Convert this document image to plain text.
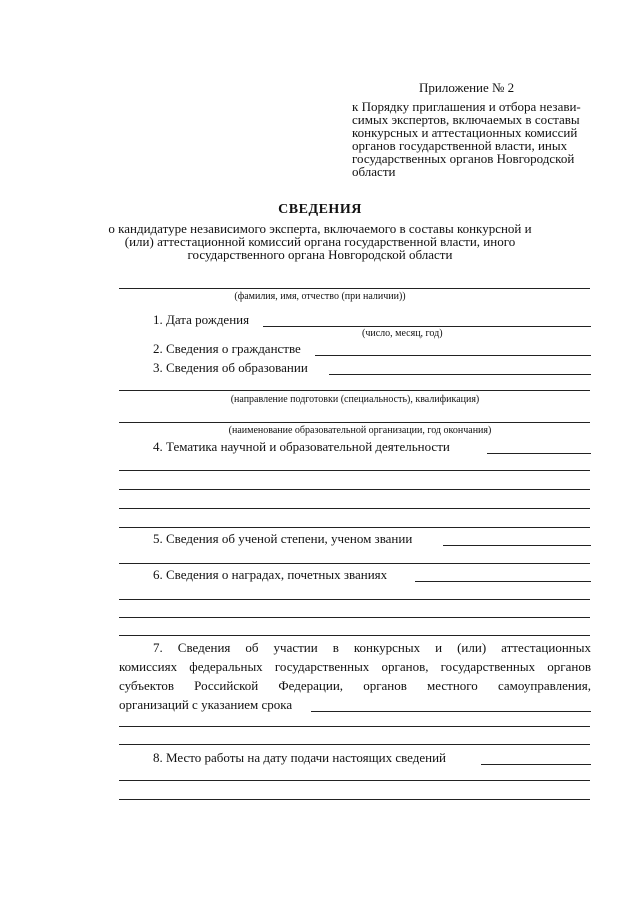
Приложение № 2
к Порядку приглашения и отбора незави-
симых экспертов, включаемых в составы
конкурсных и аттестационных комиссий
органов государственной власти, иных
государственных органов Новгородской
области
СВЕДЕНИЯ
о кандидатуре независимого эксперта, включаемого в составы конкурсной и
(или) аттестационной комиссий органа государственной власти, иного
государственного органа Новгородской области
(фамилия, имя, отчество (при наличии))
1. Дата рождения
(число, месяц, год)
2. Сведения о гражданстве
3. Сведения об образовании
(направление подготовки (специальность), квалификация)
(наименование образовательной организации, год окончания)
4. Тематика научной и образовательной деятельности
5. Сведения об ученой степени, ученом звании
6. Сведения о наградах, почетных званиях
7. Сведения об участии в конкурсных и (или) аттестационных
комиссиях федеральных государственных органов, государственных органов
субъектов Российской Федерации, органов местного самоуправления,
организаций с указанием срока
8. Место работы на дату подачи настоящих сведений
